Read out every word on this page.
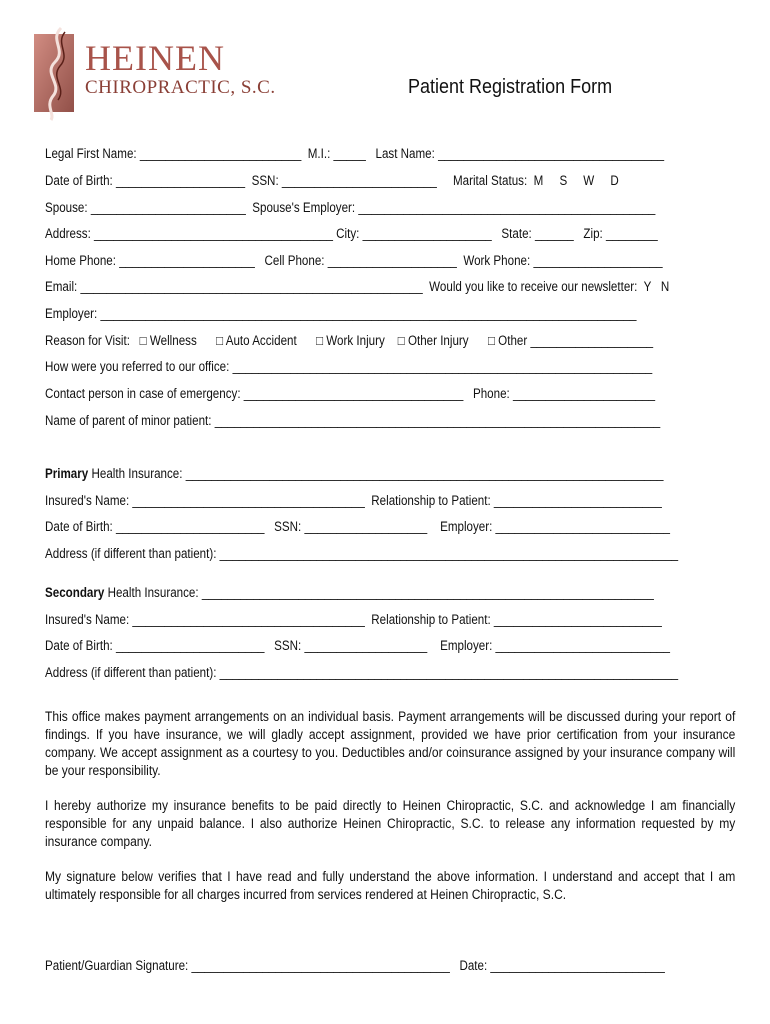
HEINEN
CHIROPRACTIC, S.C.	Patient Registration Form
Legal First Name: _________________________  M.I.: _____   Last Name: ___________________________________
Date of Birth: ____________________  SSN: ________________________     Marital Status:  M     S     W     D
Spouse: ________________________  Spouse's Employer: ______________________________________________
Address: _____________________________________ City: ____________________   State: ______   Zip: ________
Home Phone: _____________________   Cell Phone: ____________________  Work Phone: ____________________
Email: _____________________________________________________  Would you like to receive our newsletter:  Y   N
Employer: ___________________________________________________________________________________
Reason for Visit:   □ Wellness      □ Auto Accident      □ Work Injury    □ Other Injury      □ Other ___________________
How were you referred to our office: _________________________________________________________________
Contact person in case of emergency: __________________________________   Phone: ______________________
Name of parent of minor patient: _____________________________________________________________________
Primary Health Insurance: __________________________________________________________________________
Insured's Name: ____________________________________  Relationship to Patient: __________________________
Date of Birth: _______________________   SSN: ___________________    Employer: ___________________________
Address (if different than patient): _______________________________________________________________________
Secondary Health Insurance: ______________________________________________________________________
Insured's Name: ____________________________________  Relationship to Patient: __________________________
Date of Birth: _______________________   SSN: ___________________    Employer: ___________________________
Address (if different than patient): _______________________________________________________________________
This office makes payment arrangements on an individual basis. Payment arrangements will be discussed during your report of findings. If you have insurance, we will gladly accept assignment, provided we have prior certification from your insurance company. We accept assignment as a courtesy to you. Deductibles and/or coinsurance assigned by your insurance company will be your responsibility.
I hereby authorize my insurance benefits to be paid directly to Heinen Chiropractic, S.C. and acknowledge I am financially responsible for any unpaid balance. I also authorize Heinen Chiropractic, S.C. to release any information requested by my insurance company.
My signature below verifies that I have read and fully understand the above information. I understand and accept that I am ultimately responsible for all charges incurred from services rendered at Heinen Chiropractic, S.C.
Patient/Guardian Signature: ________________________________________   Date: ___________________________
